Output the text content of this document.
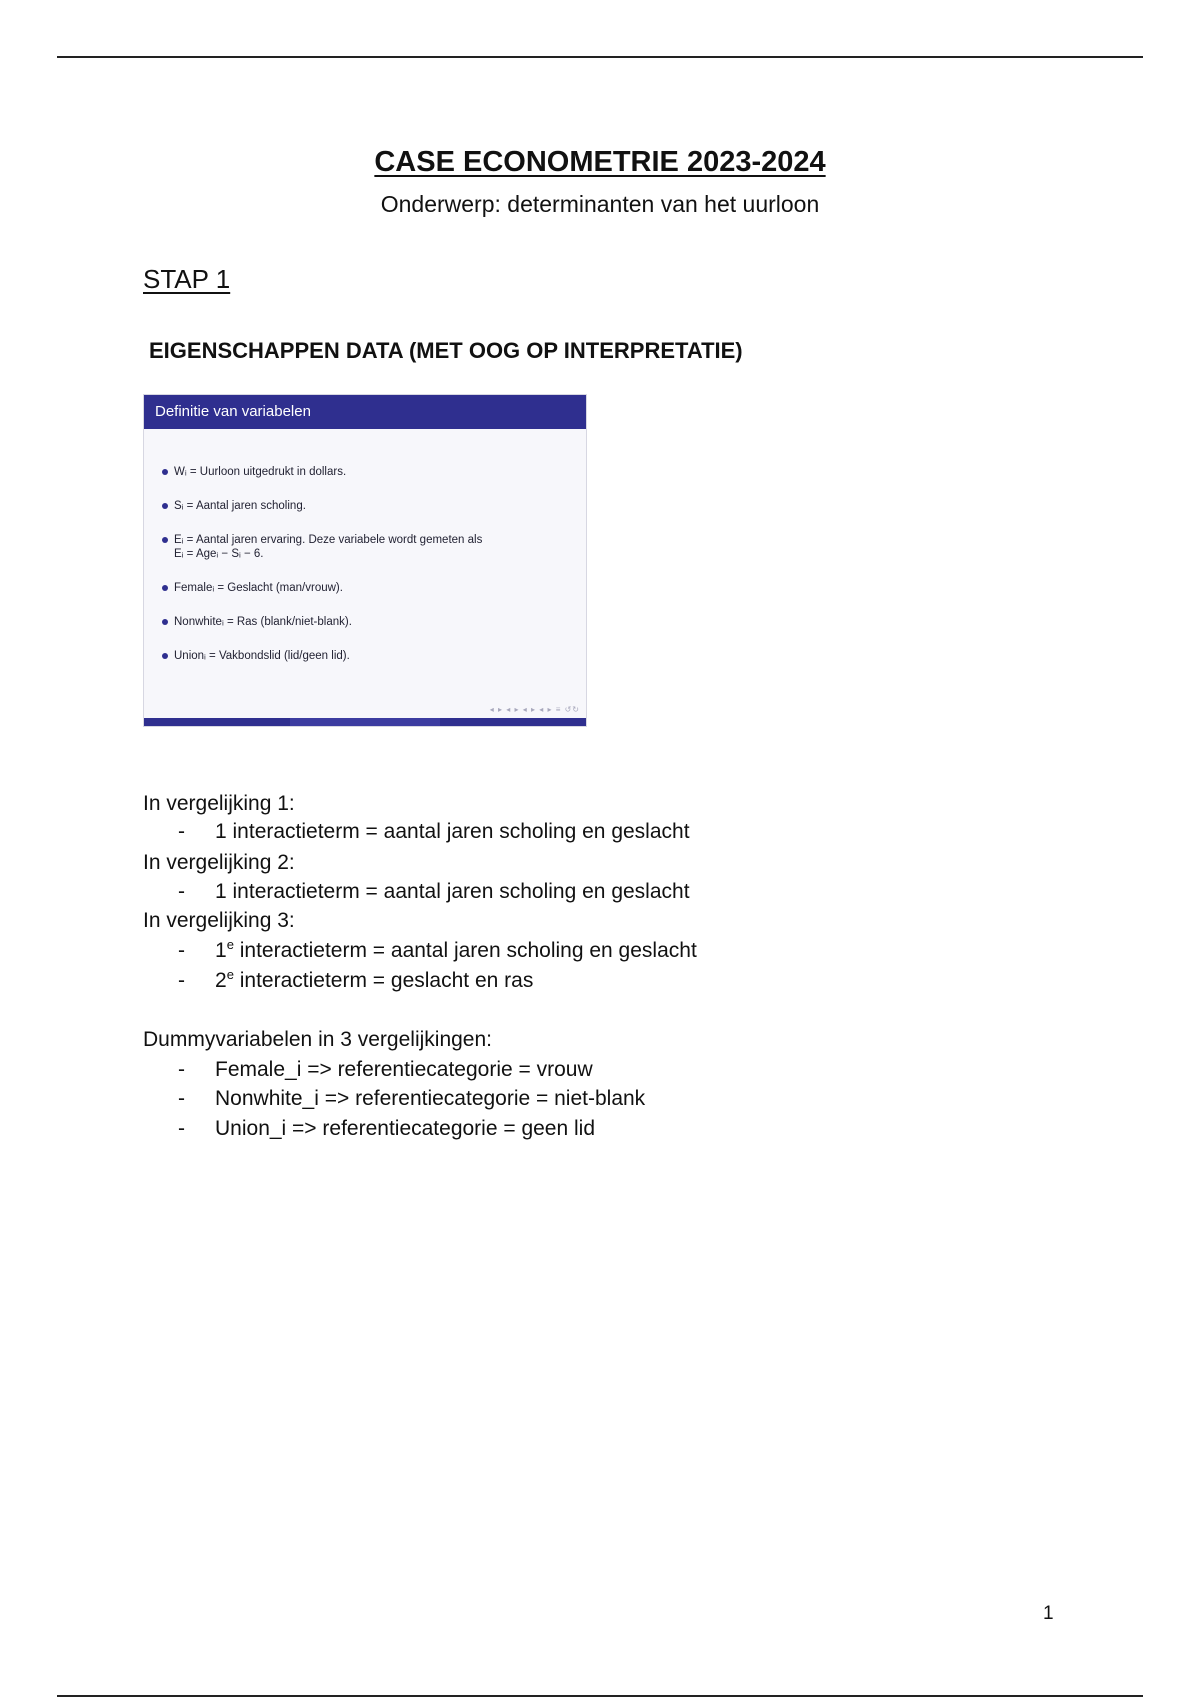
CASE ECONOMETRIE 2023-2024
Onderwerp: determinanten van het uurloon
STAP 1
EIGENSCHAPPEN DATA (MET OOG OP INTERPRETATIE)
Definitie van variabelen
Wᵢ = Uurloon uitgedrukt in dollars.
Sᵢ = Aantal jaren scholing.
Eᵢ = Aantal jaren ervaring. Deze variabele wordt gemeten als
Eᵢ = Ageᵢ − Sᵢ − 6.
Femaleᵢ = Geslacht (man/vrouw).
Nonwhiteᵢ = Ras (blank/niet-blank).
Unionᵢ = Vakbondslid (lid/geen lid).
◂ ▸ ◂ ▸ ◂ ▸ ◂ ▸ ≡ ↺↻
In vergelijking 1:
- 1 interactieterm = aantal jaren scholing en geslacht
In vergelijking 2:
- 1 interactieterm = aantal jaren scholing en geslacht
In vergelijking 3:
- 1e interactieterm = aantal jaren scholing en geslacht
- 2e interactieterm = geslacht en ras
Dummyvariabelen in 3 vergelijkingen:
- Female_i => referentiecategorie = vrouw
- Nonwhite_i => referentiecategorie = niet-blank
- Union_i => referentiecategorie = geen lid
1
